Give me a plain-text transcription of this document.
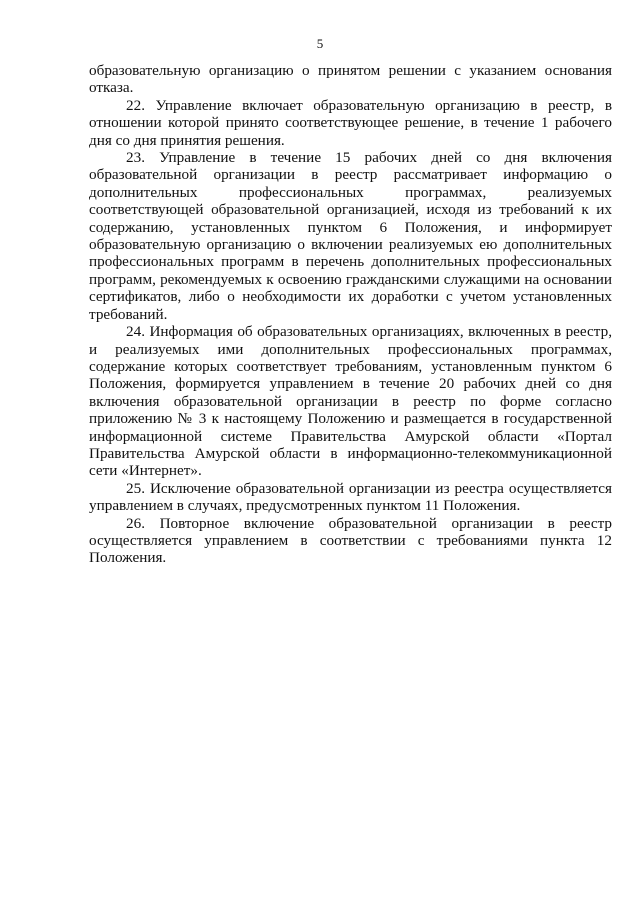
5

образовательную организацию о принятом решении с указанием основания отказа.

22. Управление включает образовательную организацию в реестр, в отношении которой принято соответствующее решение, в течение 1 рабочего дня со дня принятия решения.

23. Управление в течение 15 рабочих дней со дня включения образовательной организации в реестр рассматривает информацию о дополнительных профессиональных программах, реализуемых соответствующей образовательной организацией, исходя из требований к их содержанию, установленных пунктом 6 Положения, и информирует образовательную организацию о включении реализуемых ею дополнительных профессиональных программ в перечень дополнительных профессиональных программ, рекомендуемых к освоению гражданскими служащими на основании сертификатов, либо о необходимости их доработки с учетом установленных требований.

24. Информация об образовательных организациях, включенных в реестр, и реализуемых ими дополнительных профессиональных программах, содержание которых соответствует требованиям, установленным пунктом 6 Положения, формируется управлением в течение 20 рабочих дней со дня включения образовательной организации в реестр по форме согласно приложению № 3 к настоящему Положению и размещается в государственной информационной системе Правительства Амурской области «Портал Правительства Амурской области в информационно-телекоммуникационной сети «Интернет».

25. Исключение образовательной организации из реестра осуществляется управлением в случаях, предусмотренных пунктом 11 Положения.

26. Повторное включение образовательной организации в реестр осуществляется управлением в соответствии с требованиями пункта 12 Положения.
